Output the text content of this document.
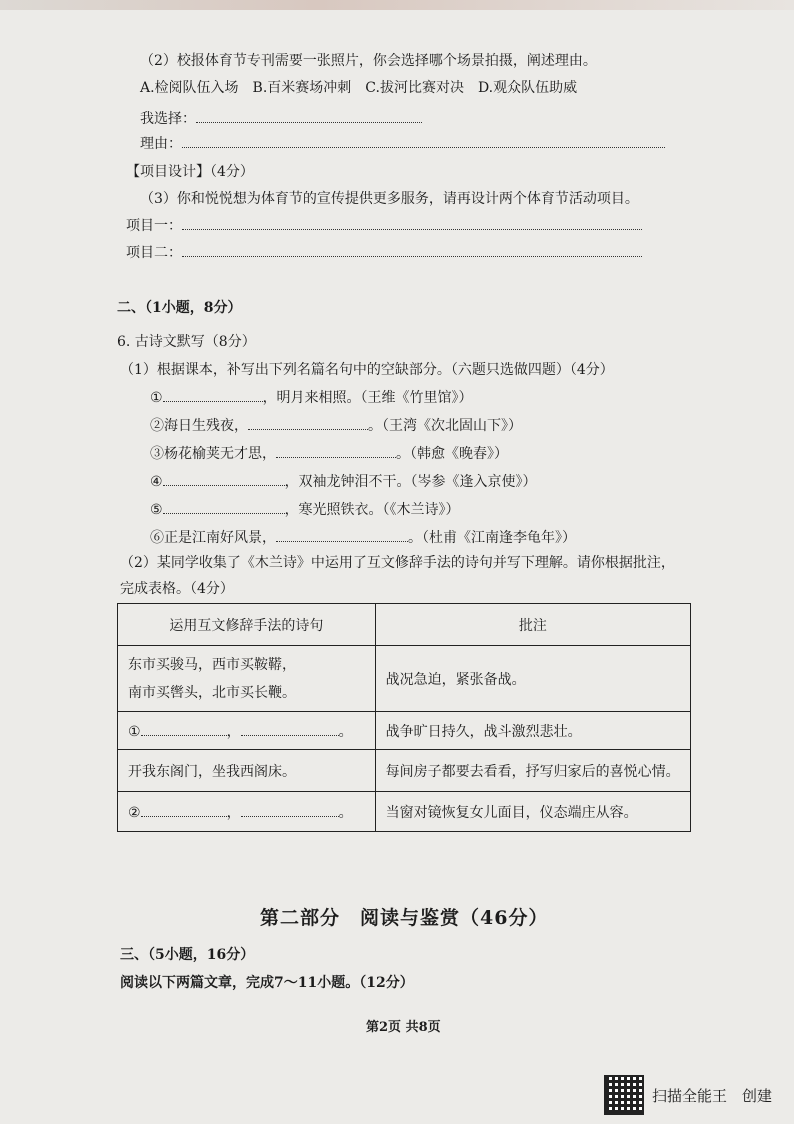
（2）校报体育节专刊需要一张照片，你会选择哪个场景拍摄，阐述理由。
A.检阅队伍入场　B.百米赛场冲刺　C.拔河比赛对决　D.观众队伍助威
我选择：
理由：
【项目设计】（4分）
（3）你和悦悦想为体育节的宣传提供更多服务，请再设计两个体育节活动项目。
项目一：
项目二：
二、（1小题，8分）
6. 古诗文默写（8分）
（1）根据课本，补写出下列名篇名句中的空缺部分。（六题只选做四题）（4分）
①	，明月来相照。（王维《竹里馆》）
②海日生残夜，	。（王湾《次北固山下》）
③杨花榆荚无才思，	。（韩愈《晚春》）
④	，双袖龙钟泪不干。（岑参《逢入京使》）
⑤	，寒光照铁衣。（《木兰诗》）
⑥正是江南好风景，	。（杜甫《江南逢李龟年》）
（2）某同学收集了《木兰诗》中运用了互文修辞手法的诗句并写下理解。请你根据批注，
完成表格。（4分）
运用互文修辞手法的诗句	批注

东市买骏马，西市买鞍鞯，
南市买辔头，北市买长鞭。	战况急迫，紧张备战。
① ， 。	战争旷日持久，战斗激烈悲壮。
开我东阁门，坐我西阁床。	每间房子都要去看看，抒写归家后的喜悦心情。
② ， 。	当窗对镜恢复女儿面目，仪态端庄从容。
第二部分　阅读与鉴赏（46分）
三、（5小题，16分）
阅读以下两篇文章，完成7～11小题。（12分）
第2页 共8页
扫描全能王　创建
